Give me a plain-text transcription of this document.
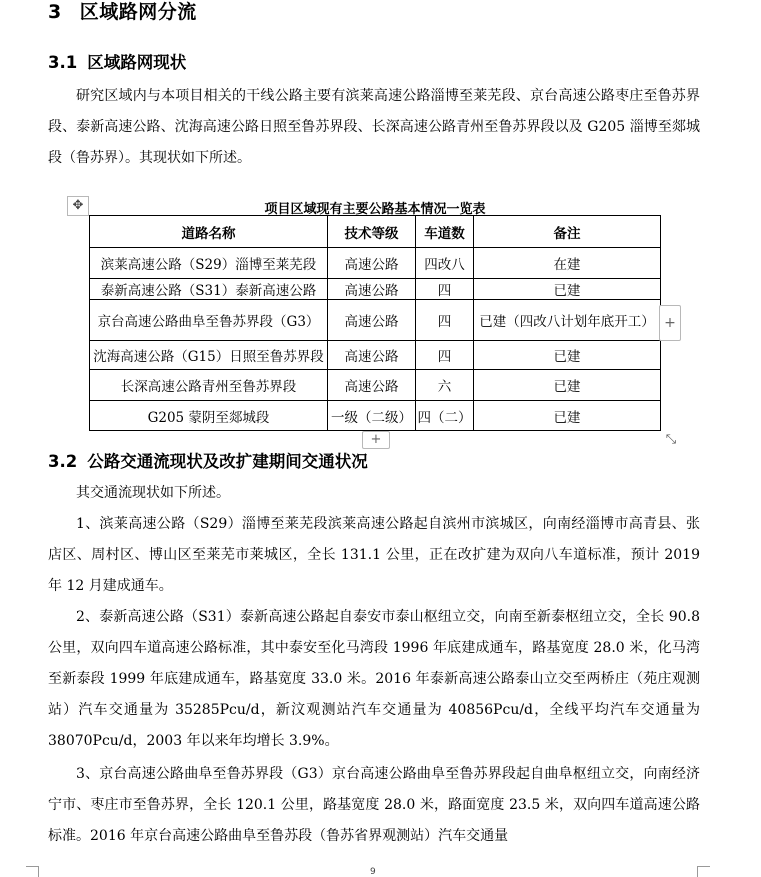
3 区域路网分流
3.1 区域路网现状
研究区域内与本项目相关的干线公路主要有滨莱高速公路淄博至莱芜段、京台高速公路枣庄至鲁苏界段、泰新高速公路、沈海高速公路日照至鲁苏界段、长深高速公路青州至鲁苏界段以及 G205 淄博至郯城段（鲁苏界）。其现状如下所述。
✥	项目区域现有主要公路基本情况一览表
道路名称	技术等级	车道数	备注
滨莱高速公路（S29）淄博至莱芜段	高速公路	四改八	在建
泰新高速公路（S31）泰新高速公路	高速公路	四	已建
京台高速公路曲阜至鲁苏界段（G3）	高速公路	四	已建（四改八计划年底开工）
沈海高速公路（G15）日照至鲁苏界段	高速公路	四	已建
长深高速公路青州至鲁苏界段	高速公路	六	已建
G205 蒙阴至郯城段	一级（二级）	四（二）	已建
+
+	⤡
3.2 公路交通流现状及改扩建期间交通状况
其交通流现状如下所述。
1、滨莱高速公路（S29）淄博至莱芜段滨莱高速公路起自滨州市滨城区，向南经淄博市高青县、张店区、周村区、博山区至莱芜市莱城区，全长 131.1 公里，正在改扩建为双向八车道标准，预计 2019 年 12 月建成通车。
2、泰新高速公路（S31）泰新高速公路起自泰安市泰山枢纽立交，向南至新泰枢纽立交，全长 90.8 公里，双向四车道高速公路标准，其中泰安至化马湾段 1996 年底建成通车，路基宽度 28.0 米，化马湾至新泰段 1999 年底建成通车，路基宽度 33.0 米。2016 年泰新高速公路泰山立交至两桥庄（苑庄观测站）汽车交通量为 35285Pcu/d，新汶观测站汽车交通量为 40856Pcu/d，全线平均汽车交通量为 38070Pcu/d，2003 年以来年均增长 3.9%。
3、京台高速公路曲阜至鲁苏界段（G3）京台高速公路曲阜至鲁苏界段起自曲阜枢纽立交，向南经济宁市、枣庄市至鲁苏界，全长 120.1 公里，路基宽度 28.0 米，路面宽度 23.5 米，双向四车道高速公路标准。2016 年京台高速公路曲阜至鲁苏段（鲁苏省界观测站）汽车交通量
9
